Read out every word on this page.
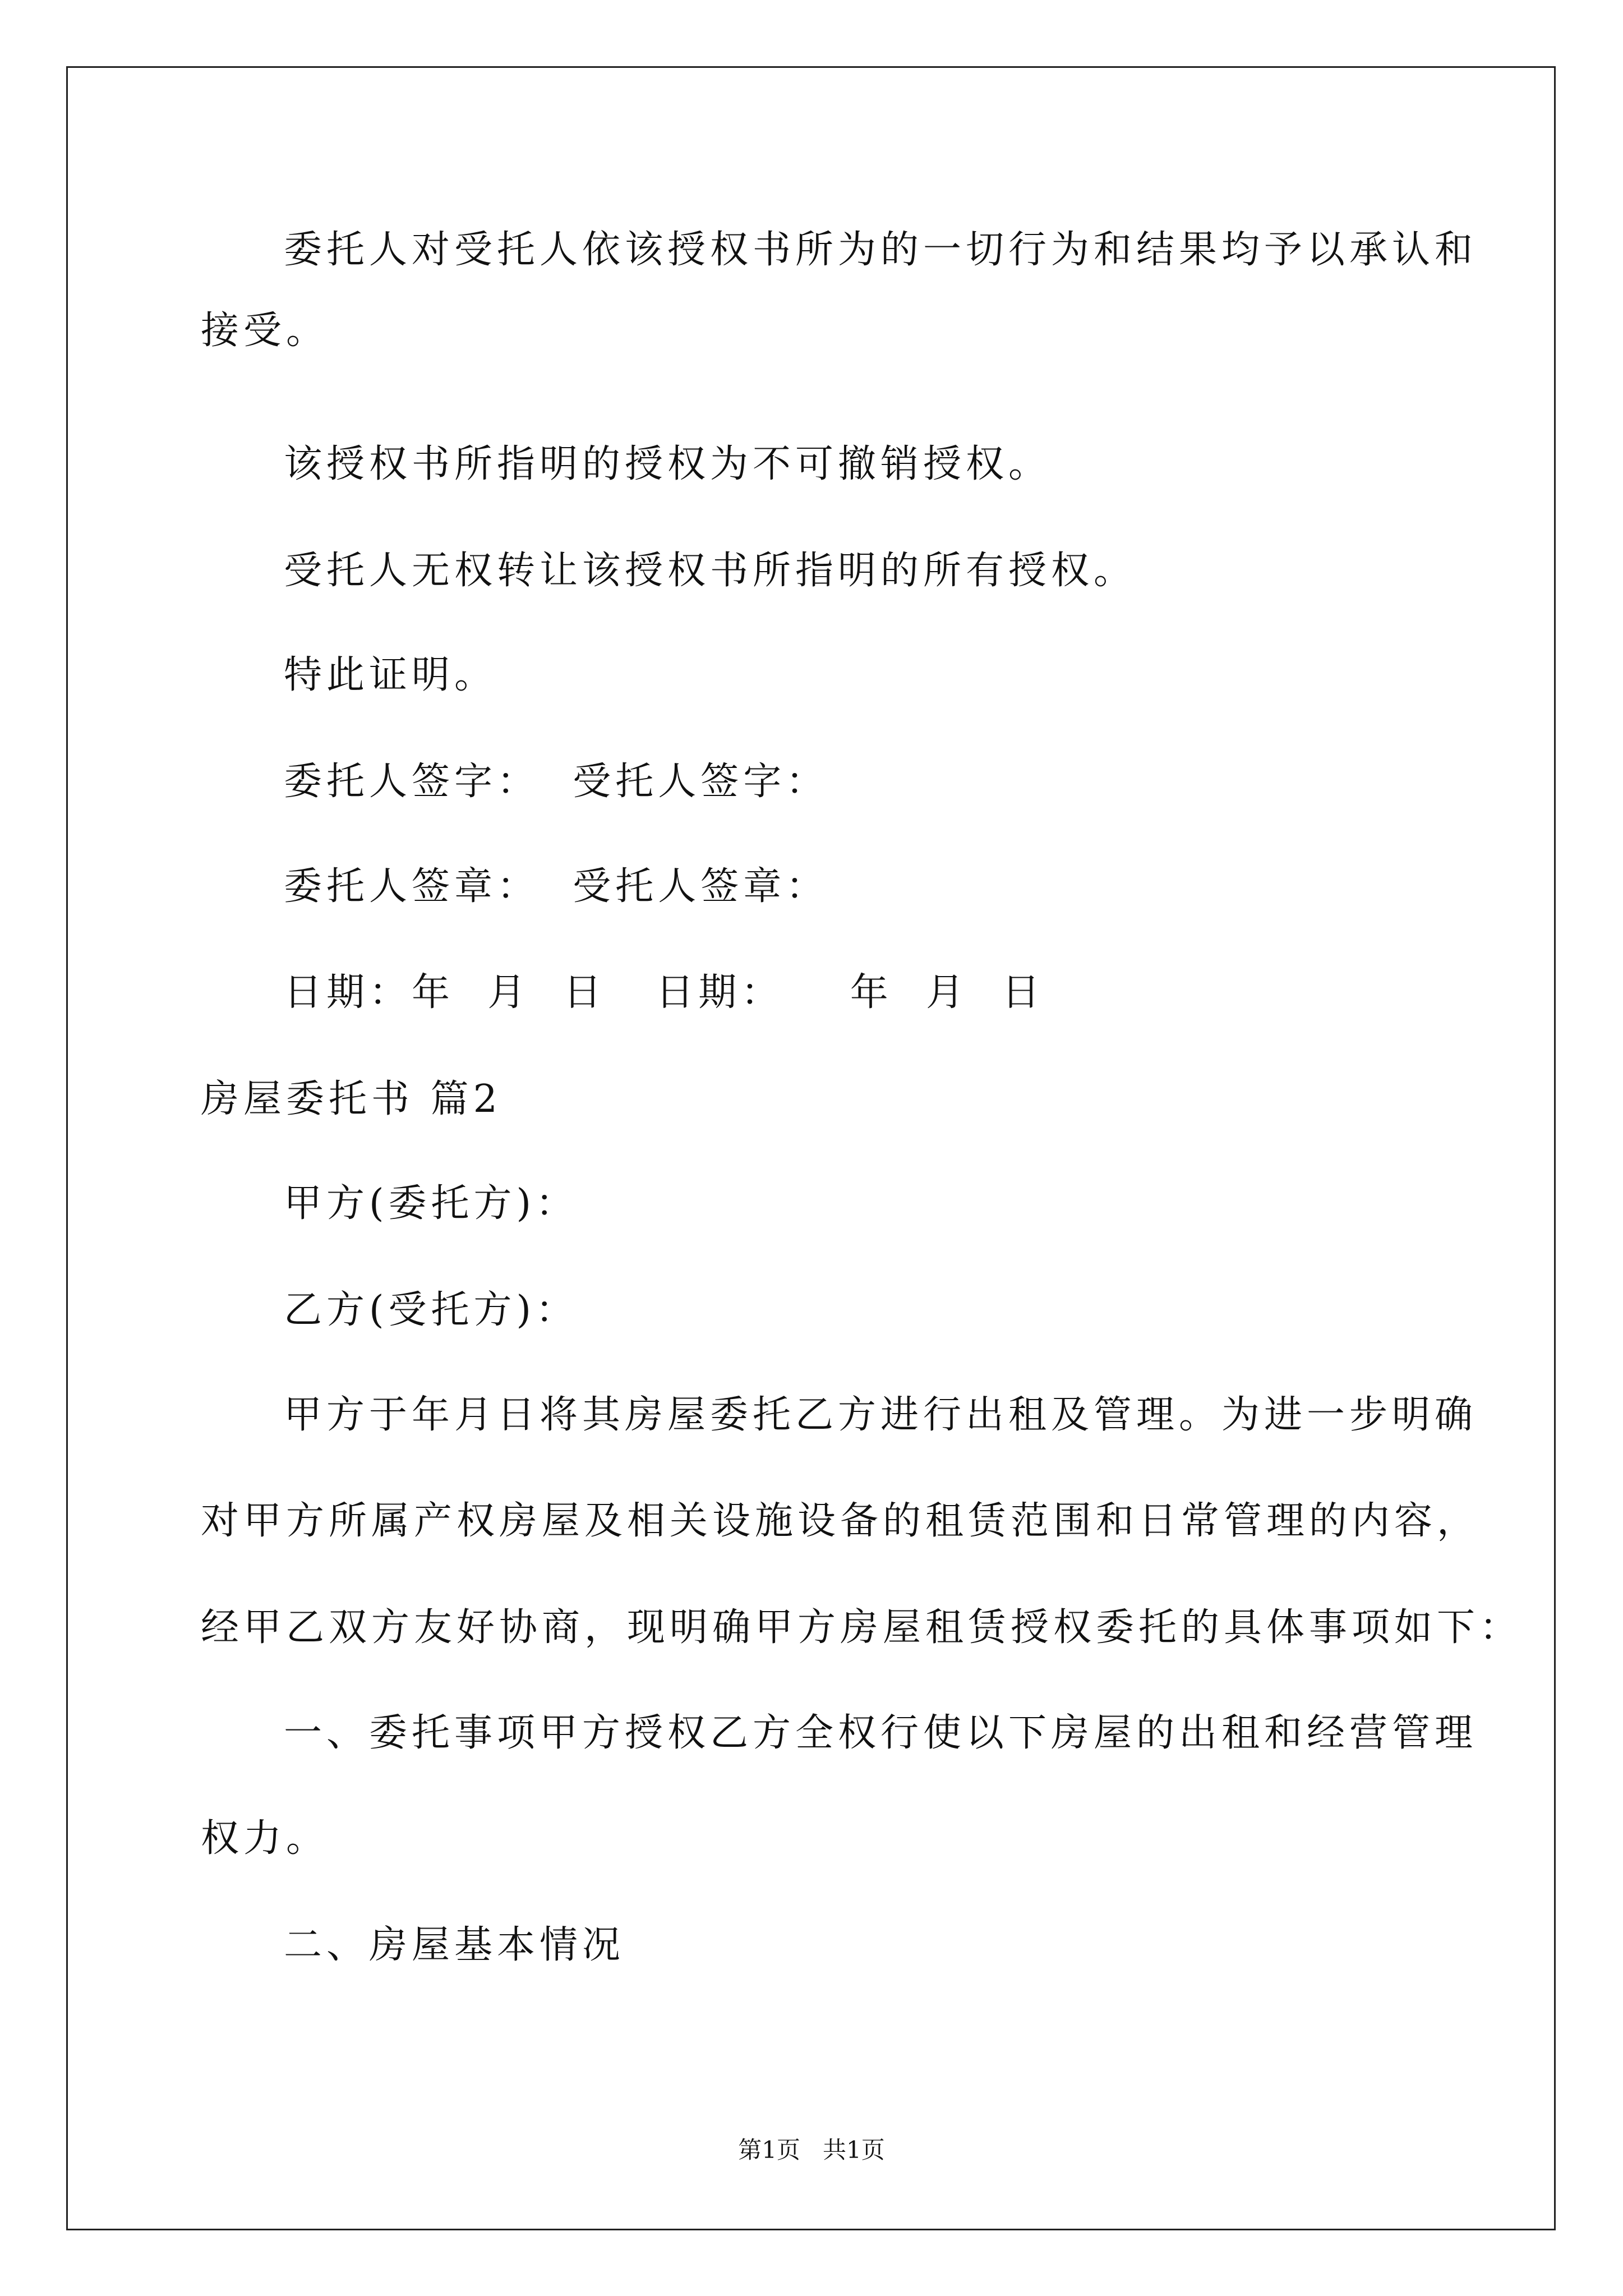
委托人对受托人依该授权书所为的一切行为和结果均予以承认和
接受。
该授权书所指明的授权为不可撤销授权。
受托人无权转让该授权书所指明的所有授权。
特此证明。
委托人签字：  受托人签字：
委托人签章：  受托人签章：
日期：年  月  日   日期：    年  月  日
房屋委托书 篇2
甲方(委托方)：
乙方(受托方)：
甲方于年月日将其房屋委托乙方进行出租及管理。为进一步明确
对甲方所属产权房屋及相关设施设备的租赁范围和日常管理的内容，
经甲乙双方友好协商，现明确甲方房屋租赁授权委托的具体事项如下：
一、委托事项甲方授权乙方全权行使以下房屋的出租和经营管理
权力。
二、房屋基本情况
第1页   共1页
